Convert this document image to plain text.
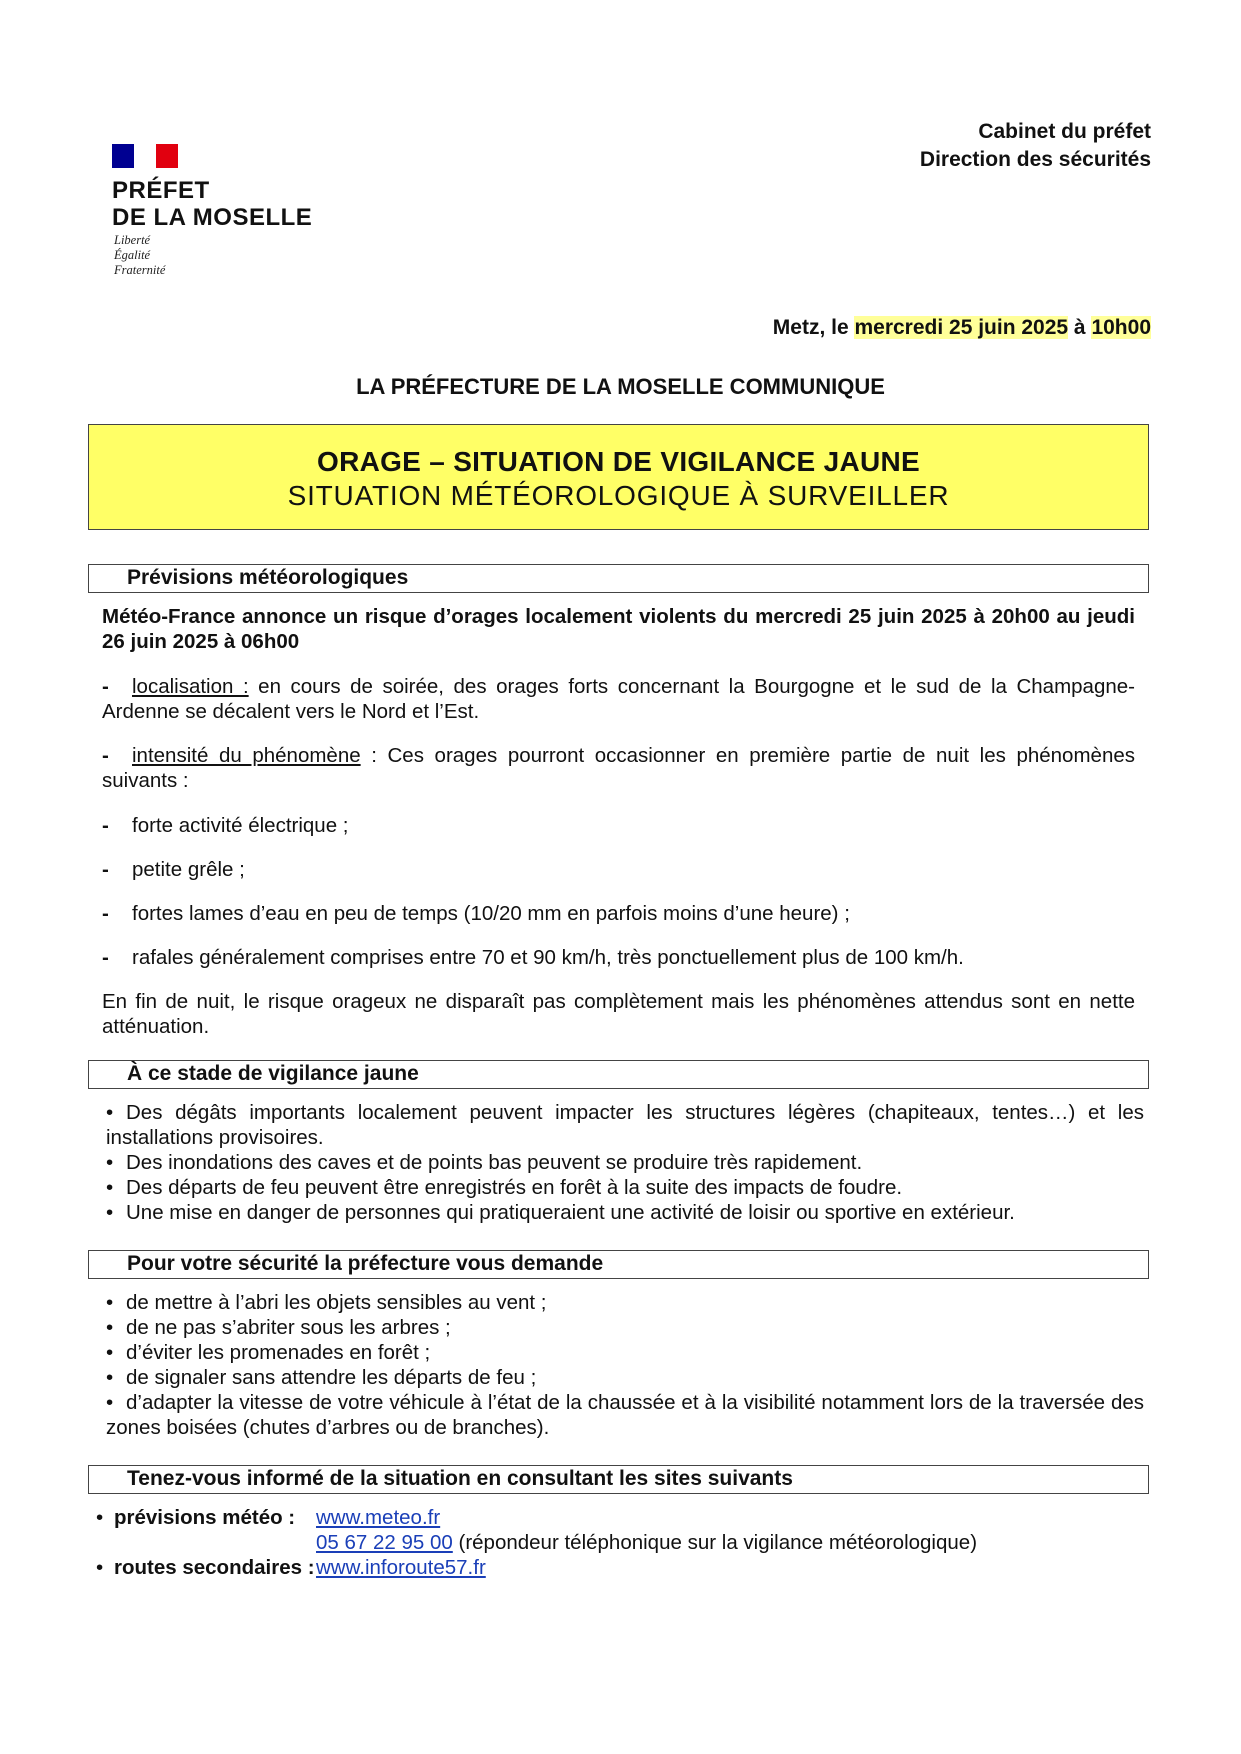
PRÉFET
DE LA MOSELLE
Liberté
Égalité
Fraternité
Cabinet du préfet
Direction des sécurités
Metz, le mercredi 25 juin 2025 à 10h00
LA PRÉFECTURE DE LA MOSELLE COMMUNIQUE
ORAGE – SITUATION DE VIGILANCE JAUNE
SITUATION MÉTÉOROLOGIQUE À SURVEILLER
Prévisions météorologiques
Météo-France annonce un risque d’orages localement violents du mercredi 25 juin 2025 à 20h00 au jeudi 26 juin 2025 à 06h00
- localisation : en cours de soirée, des orages forts concernant la Bourgogne et le sud de la Champagne-Ardenne se décalent vers le Nord et l’Est.
- intensité du phénomène : Ces orages pourront occasionner en première partie de nuit les phénomènes suivants :
- forte activité électrique ;
- petite grêle ;
- fortes lames d’eau en peu de temps (10/20 mm en parfois moins d’une heure) ;
- rafales généralement comprises entre 70 et 90 km/h, très ponctuellement plus de 100 km/h.
En fin de nuit, le risque orageux ne disparaît pas complètement mais les phénomènes attendus sont en nette atténuation.
À ce stade de vigilance jaune
• Des dégâts importants localement peuvent impacter les structures légères (chapiteaux, tentes…) et les installations provisoires.
• Des inondations des caves et de points bas peuvent se produire très rapidement.
• Des départs de feu peuvent être enregistrés en forêt à la suite des impacts de foudre.
• Une mise en danger de personnes qui pratiqueraient une activité de loisir ou sportive en extérieur.
Pour votre sécurité la préfecture vous demande
• de mettre à l’abri les objets sensibles au vent ;
• de ne pas s’abriter sous les arbres ;
• d’éviter les promenades en forêt ;
• de signaler sans attendre les départs de feu ;
• d’adapter la vitesse de votre véhicule à l’état de la chaussée et à la visibilité notamment lors de la traversée des zones boisées (chutes d’arbres ou de branches).
Tenez-vous informé de la situation en consultant les sites suivants
• prévisions météo : www.meteo.fr
05 67 22 95 00 (répondeur téléphonique sur la vigilance météorologique)
• routes secondaires :www.inforoute57.fr
